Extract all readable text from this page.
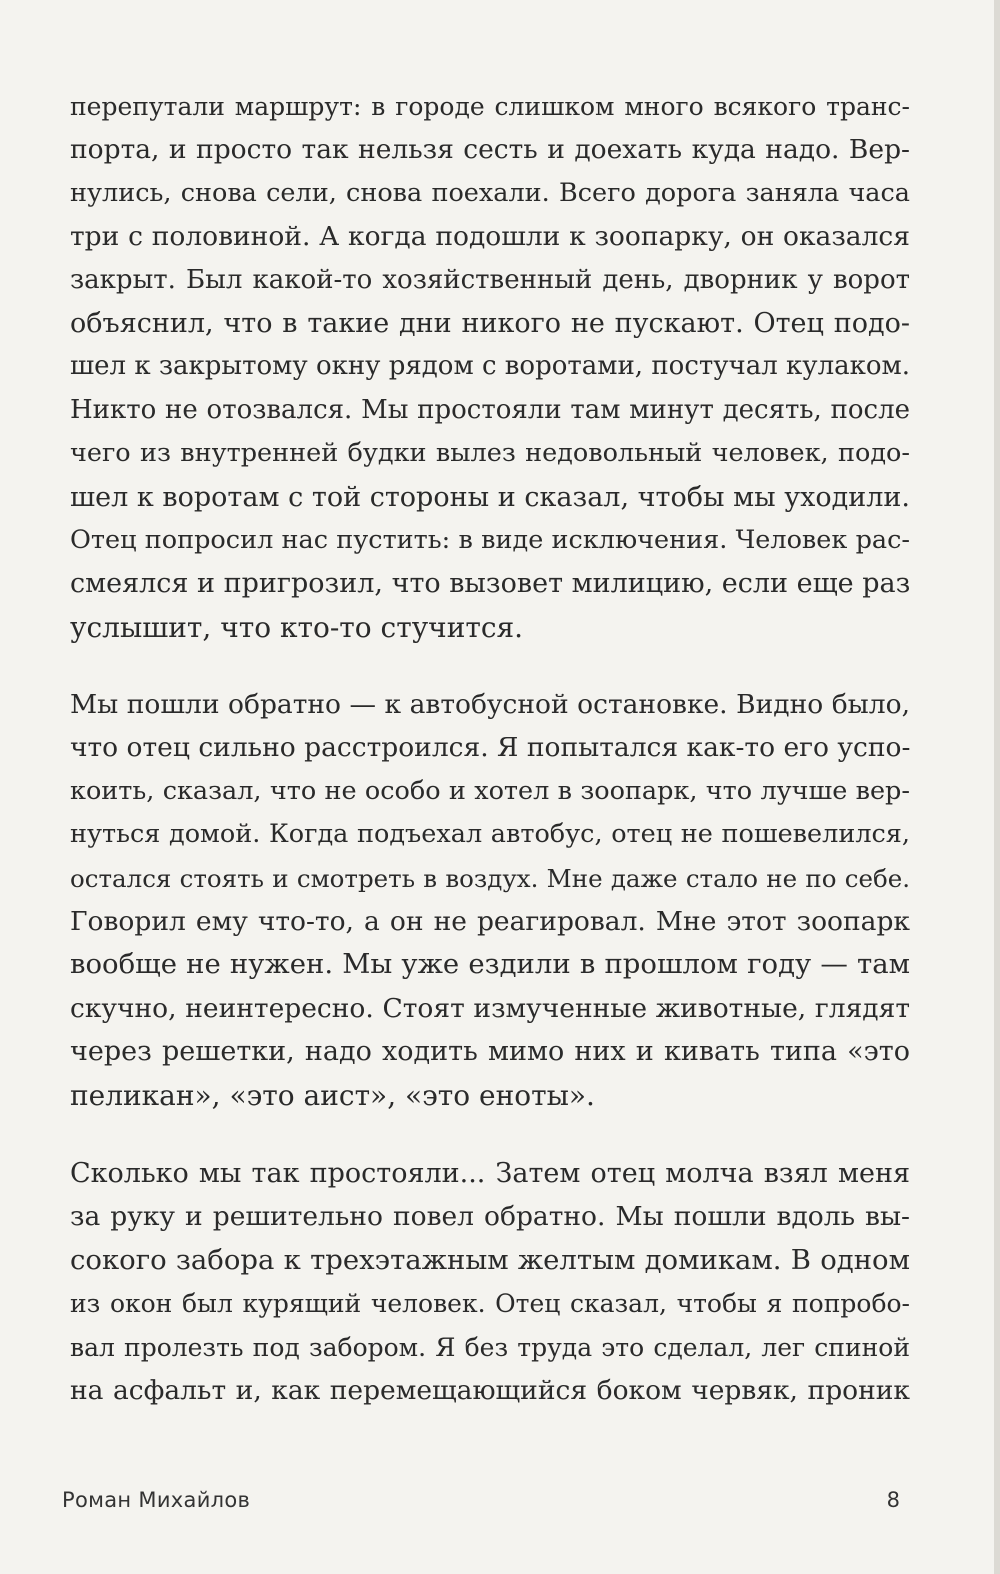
перепутали маршрут: в городе слишком много всякого транс-
порта, и просто так нельзя сесть и доехать куда надо. Вер-
нулись, снова сели, снова поехали. Всего дорога заняла часа
три с половиной. А когда подошли к зоопарку, он оказался
закрыт. Был какой-то хозяйственный день, дворник у ворот
объяснил, что в такие дни никого не пускают. Отец подо-
шел к закрытому окну рядом с воротами, постучал кулаком.
Никто не отозвался. Мы простояли там минут десять, после
чего из внутренней будки вылез недовольный человек, подо-
шел к воротам с той стороны и сказал, чтобы мы уходили.
Отец попросил нас пустить: в виде исключения. Человек рас-
смеялся и пригрозил, что вызовет милицию, если еще раз
услышит, что кто-то стучится.
Мы пошли обратно — к автобусной остановке. Видно было,
что отец сильно расстроился. Я попытался как-то его успо-
коить, сказал, что не особо и хотел в зоопарк, что лучше вер-
нуться домой. Когда подъехал автобус, отец не пошевелился,
остался стоять и смотреть в воздух. Мне даже стало не по себе.
Говорил ему что-то, а он не реагировал. Мне этот зоопарк
вообще не нужен. Мы уже ездили в прошлом году — там
скучно, неинтересно. Стоят измученные животные, глядят
через решетки, надо ходить мимо них и кивать типа «это
пеликан», «это аист», «это еноты».
Сколько мы так простояли... Затем отец молча взял меня
за руку и решительно повел обратно. Мы пошли вдоль вы-
сокого забора к трехэтажным желтым домикам. В одном
из окон был курящий человек. Отец сказал, чтобы я попробо-
вал пролезть под забором. Я без труда это сделал, лег спиной
на асфальт и, как перемещающийся боком червяк, проник
Роман Михайлов	8
